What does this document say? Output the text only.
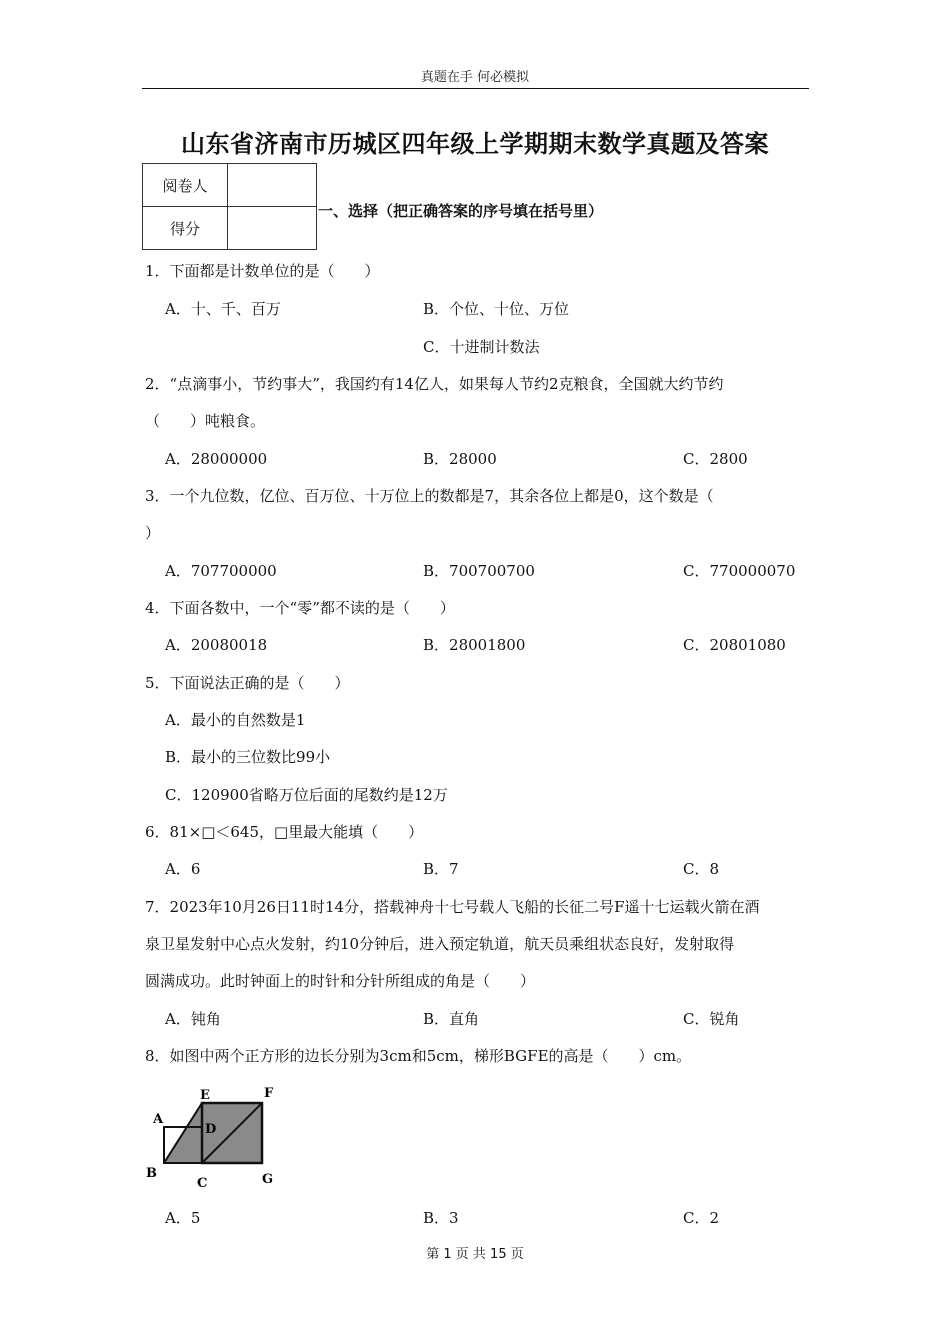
真题在手 何必模拟
山东省济南市历城区四年级上学期期末数学真题及答案
阅卷人	
得分	
一、选择（把正确答案的序号填在括号里）
1．下面都是计数单位的是（　　）
A．十、千、百万	B．个位、十位、万位
C．十进制计数法
2．“点滴事小，节约事大”，我国约有14亿人，如果每人节约2克粮食，全国就大约节约
（　　）吨粮食。
A．28000000	B．28000	C．2800
3．一个九位数，亿位、百万位、十万位上的数都是7，其余各位上都是0，这个数是（
）
A．707700000	B．700700700	C．770000070
4．下面各数中，一个“零”都不读的是（　　）
A．20080018	B．28001800	C．20801080
5．下面说法正确的是（　　）
A．最小的自然数是1
B．最小的三位数比99小
C．120900省略万位后面的尾数约是12万
6．81×□＜645，□里最大能填（　　）
A．6	B．7	C．8
7．2023年10月26日11时14分，搭载神舟十七号载人飞船的长征二号F遥十七运载火箭在酒
泉卫星发射中心点火发射，约10分钟后，进入预定轨道，航天员乘组状态良好，发射取得
圆满成功。此时钟面上的时针和分针所组成的角是（　　）
A．钝角	B．直角	C．锐角
8．如图中两个正方形的边长分别为3cm和5cm，梯形BGFE的高是（　　）cm。
A
B
C
D
E	F
G
A．5	B．3	C．2
第 1 页 共 15 页
